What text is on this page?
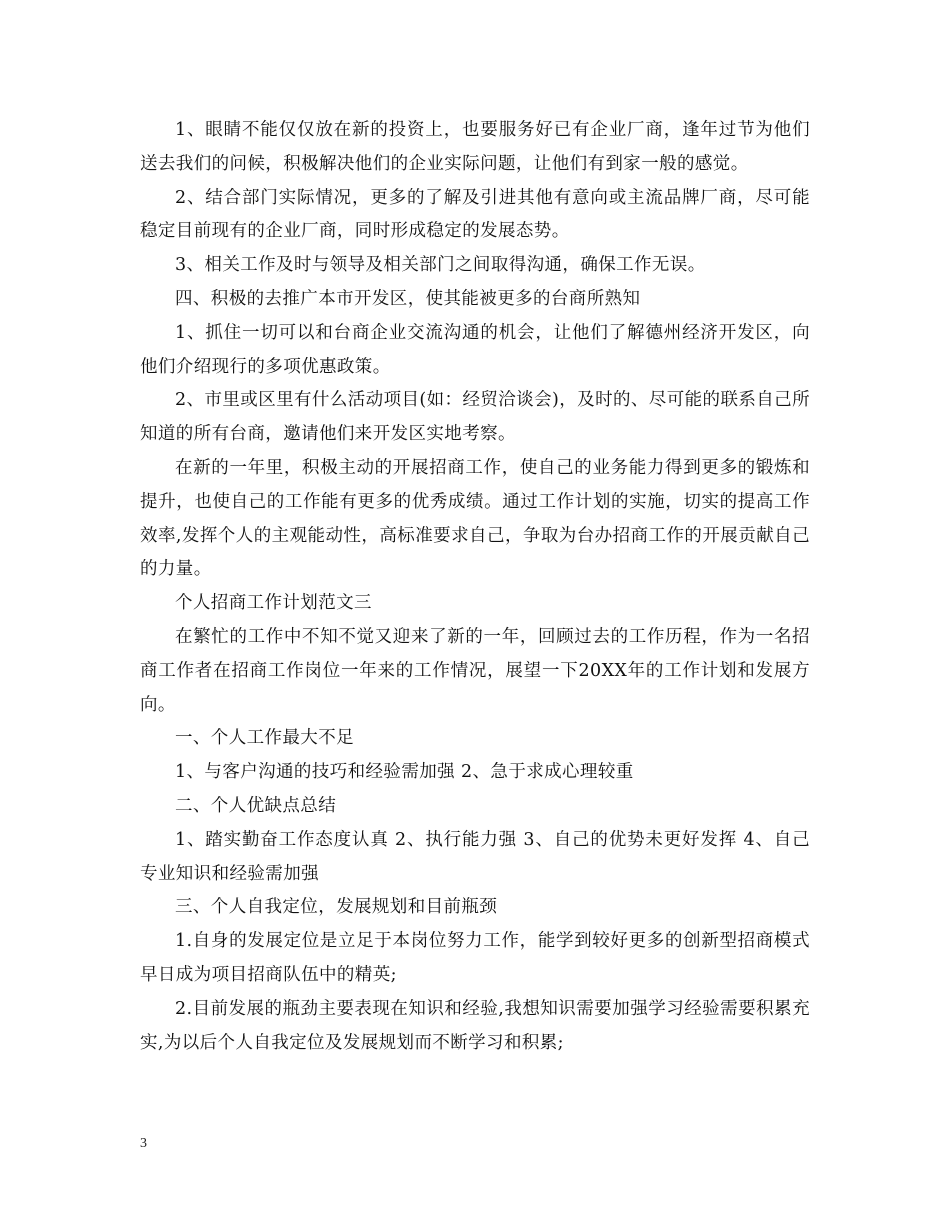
1、眼睛不能仅仅放在新的投资上，也要服务好已有企业厂商，逢年过节为他们送去我们的问候，积极解决他们的企业实际问题，让他们有到家一般的感觉。

2、结合部门实际情况，更多的了解及引进其他有意向或主流品牌厂商，尽可能稳定目前现有的企业厂商，同时形成稳定的发展态势。

3、相关工作及时与领导及相关部门之间取得沟通，确保工作无误。

四、积极的去推广本市开发区，使其能被更多的台商所熟知

1、抓住一切可以和台商企业交流沟通的机会，让他们了解德州经济开发区，向他们介绍现行的多项优惠政策。

2、市里或区里有什么活动项目(如：经贸洽谈会)，及时的、尽可能的联系自己所知道的所有台商，邀请他们来开发区实地考察。

在新的一年里，积极主动的开展招商工作，使自己的业务能力得到更多的锻炼和提升，也使自己的工作能有更多的优秀成绩。通过工作计划的实施，切实的提高工作效率,发挥个人的主观能动性，高标准要求自己，争取为台办招商工作的开展贡献自己的力量。

个人招商工作计划范文三

在繁忙的工作中不知不觉又迎来了新的一年，回顾过去的工作历程，作为一名招商工作者在招商工作岗位一年来的工作情况，展望一下20XX年的工作计划和发展方向。

一、个人工作最大不足

1、与客户沟通的技巧和经验需加强 2、急于求成心理较重

二、个人优缺点总结

1、踏实勤奋工作态度认真 2、执行能力强 3、自己的优势未更好发挥 4、自己专业知识和经验需加强

三、个人自我定位，发展规划和目前瓶颈

1.自身的发展定位是立足于本岗位努力工作，能学到较好更多的创新型招商模式早日成为项目招商队伍中的精英;

2.目前发展的瓶劲主要表现在知识和经验,我想知识需要加强学习经验需要积累充实,为以后个人自我定位及发展规划而不断学习和积累;

3
